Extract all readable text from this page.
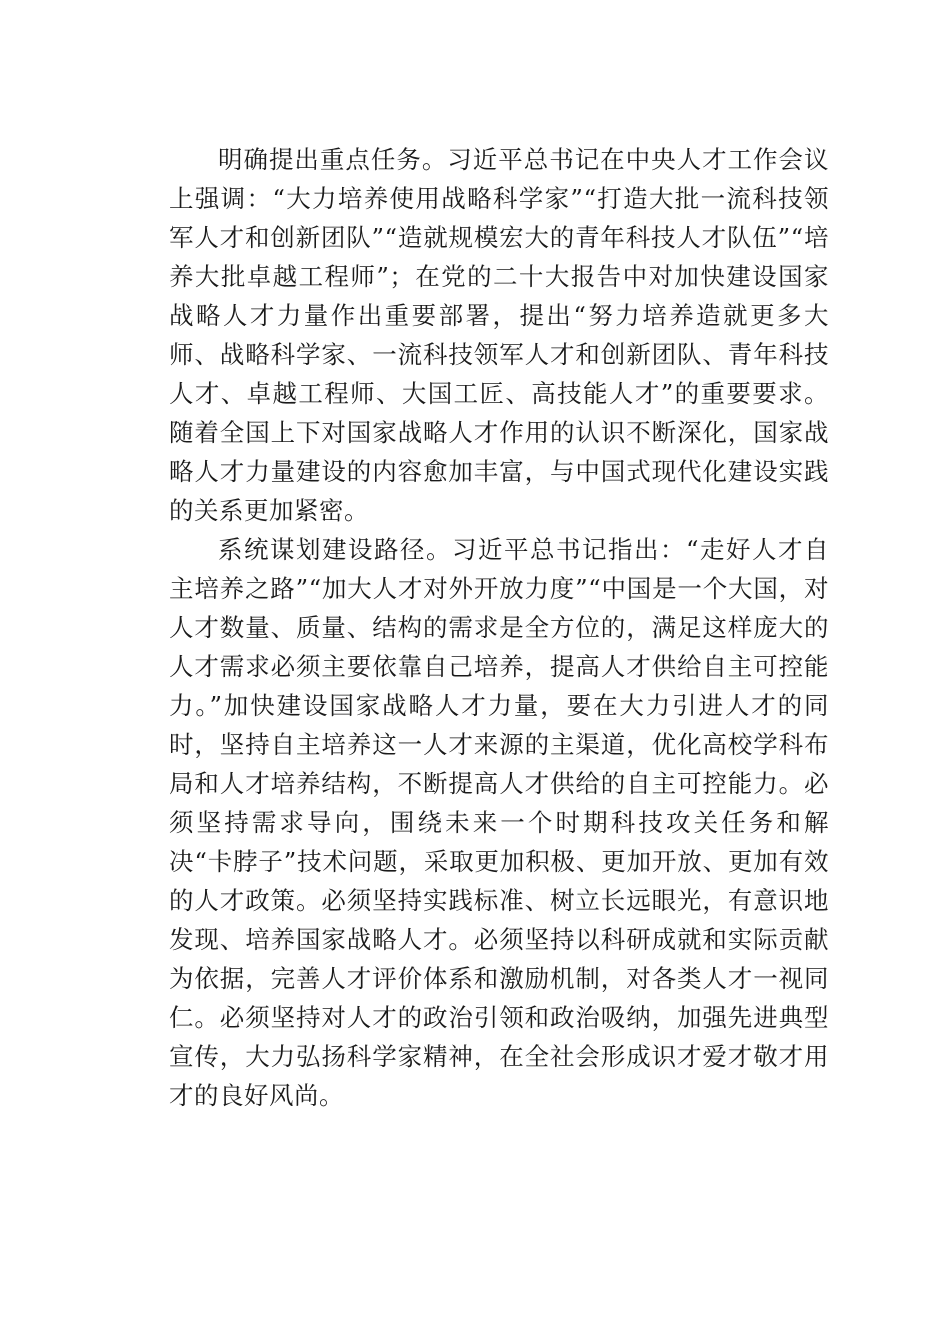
明确提出重点任务。习近平总书记在中央人才工作会议上强调：“大力培养使用战略科学家”“打造大批一流科技领军人才和创新团队”“造就规模宏大的青年科技人才队伍”“培养大批卓越工程师”；在党的二十大报告中对加快建设国家战略人才力量作出重要部署，提出“努力培养造就更多大师、战略科学家、一流科技领军人才和创新团队、青年科技人才、卓越工程师、大国工匠、高技能人才”的重要要求。随着全国上下对国家战略人才作用的认识不断深化，国家战略人才力量建设的内容愈加丰富，与中国式现代化建设实践的关系更加紧密。

系统谋划建设路径。习近平总书记指出：“走好人才自主培养之路”“加大人才对外开放力度”“中国是一个大国，对人才数量、质量、结构的需求是全方位的，满足这样庞大的人才需求必须主要依靠自己培养，提高人才供给自主可控能力。”加快建设国家战略人才力量，要在大力引进人才的同时，坚持自主培养这一人才来源的主渠道，优化高校学科布局和人才培养结构，不断提高人才供给的自主可控能力。必须坚持需求导向，围绕未来一个时期科技攻关任务和解决“卡脖子”技术问题，采取更加积极、更加开放、更加有效的人才政策。必须坚持实践标准、树立长远眼光，有意识地发现、培养国家战略人才。必须坚持以科研成就和实际贡献为依据，完善人才评价体系和激励机制，对各类人才一视同仁。必须坚持对人才的政治引领和政治吸纳，加强先进典型宣传，大力弘扬科学家精神，在全社会形成识才爱才敬才用才的良好风尚。
